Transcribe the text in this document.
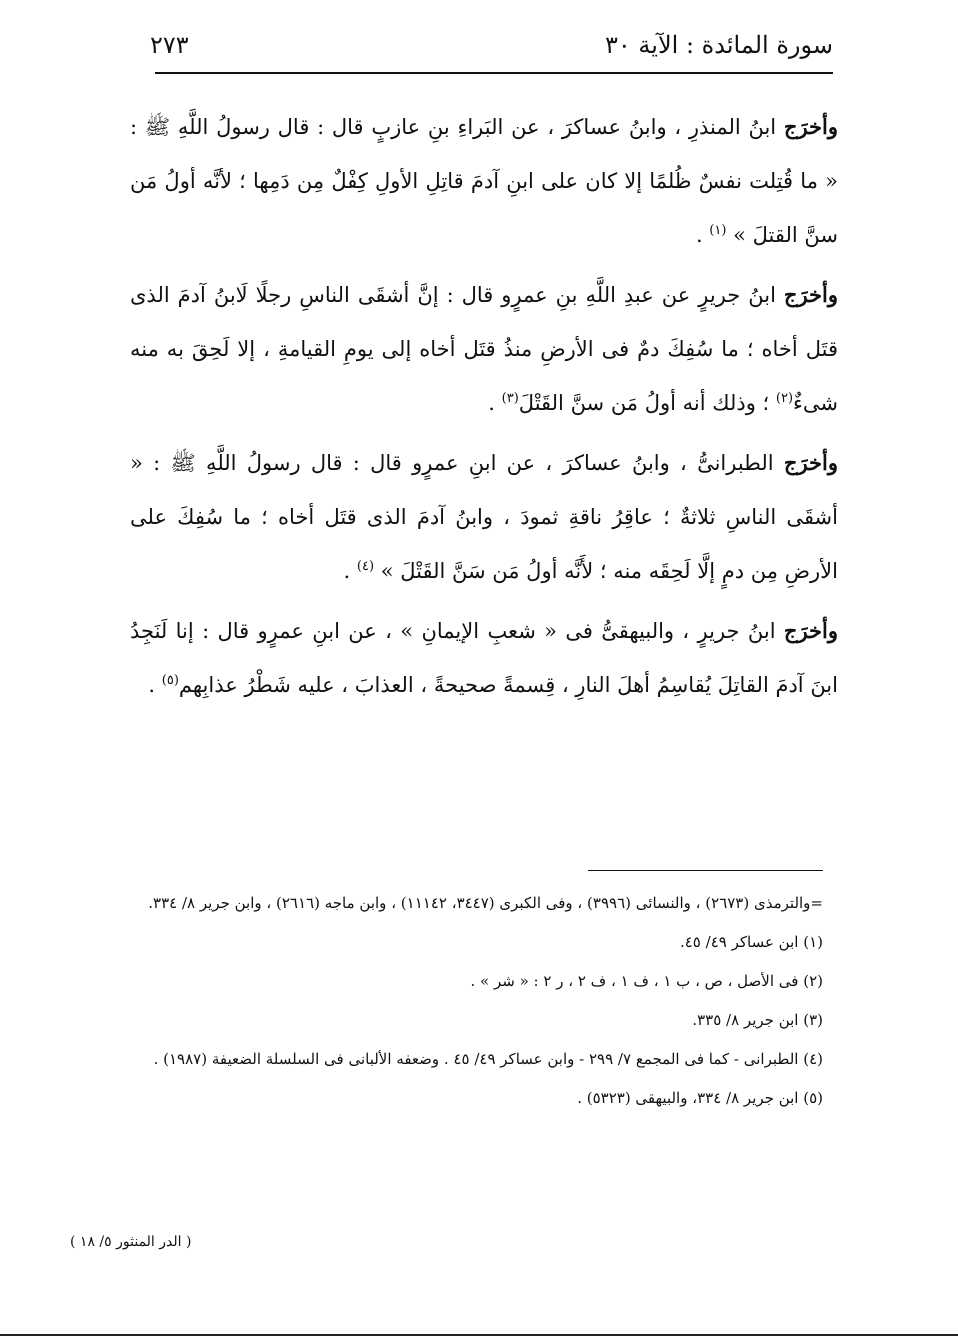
سورة المائدة : الآية ٣٠
٢٧٣

وأخرَج ابنُ المنذرِ ، وابنُ عساكرَ ، عن البَراءِ بنِ عازبٍ قال : قال رسولُ اللَّهِ ﷺ : « ما قُتِلت نفسٌ ظُلمًا إلا كان على ابنِ آدمَ قاتِلِ الأولِ كِفْلٌ مِن دَمِها ؛ لأنَّه أولُ مَن سنَّ القتلَ » $^{(١)}$ .

وأخرَج ابنُ جريرٍ عن عبدِ اللَّهِ بنِ عمرٍو قال : إنَّ أشقَى الناسِ رجلًا لَابنُ آدمَ الذى قتَل أخاه ؛ ما سُفِكَ دمٌ فى الأرضِ منذُ قتَل أخاه إلى يومِ القيامةِ ، إلا لَحِقَ به منه شىءٌ$^{(٢)}$ ؛ وذلك أنه أولُ مَن سنَّ القَتْلَ$^{(٣)}$ .

وأخرَج الطبرانىُّ ، وابنُ عساكرَ ، عن ابنِ عمرٍو قال : قال رسولُ اللَّهِ ﷺ : « أشقَى الناسِ ثلاثةٌ ؛ عاقِرُ ناقةِ ثمودَ ، وابنُ آدمَ الذى قتَل أخاه ؛ ما سُفِكَ على الأرضِ مِن دمٍ إلَّا لَحِقَه منه ؛ لأَنَّه أولُ مَن سَنَّ القَتْلَ » $^{(٤)}$ .

وأخرَج ابنُ جريرٍ ، والبيهقىُّ فى « شعبِ الإيمانِ » ، عن ابنِ عمرٍو قال : إنا لَنَجِدُ ابنَ آدمَ القاتِلَ يُقاسِمُ أهلَ النارِ ، قِسمةً صحيحةً ، العذابَ ، عليه شَطْرُ عذابِهم$^{(٥)}$ .

=والترمذى (٢٦٧٣) ، والنسائى (٣٩٩٦) ، وفى الكبرى (٣٤٤٧، ١١١٤٢) ، وابن ماجه (٢٦١٦) ، وابن جرير ٨/ ٣٣٤.

(١) ابن عساكر ٤٩/ ٤٥.

(٢) فى الأصل ، ص ، ب ١ ، ف ١ ، ف ٢ ، ر ٢ : « شر » .

(٣) ابن جرير ٨/ ٣٣٥.

(٤) الطبرانى - كما فى المجمع ٧/ ٢٩٩ - وابن عساكر ٤٩/ ٤٥ . وضعفه الألبانى فى السلسلة الضعيفة (١٩٨٧) .

(٥) ابن جرير ٨/ ٣٣٤، والبيهقى (٥٣٢٣) .

( الدر المنثور ٥/ ١٨ )
